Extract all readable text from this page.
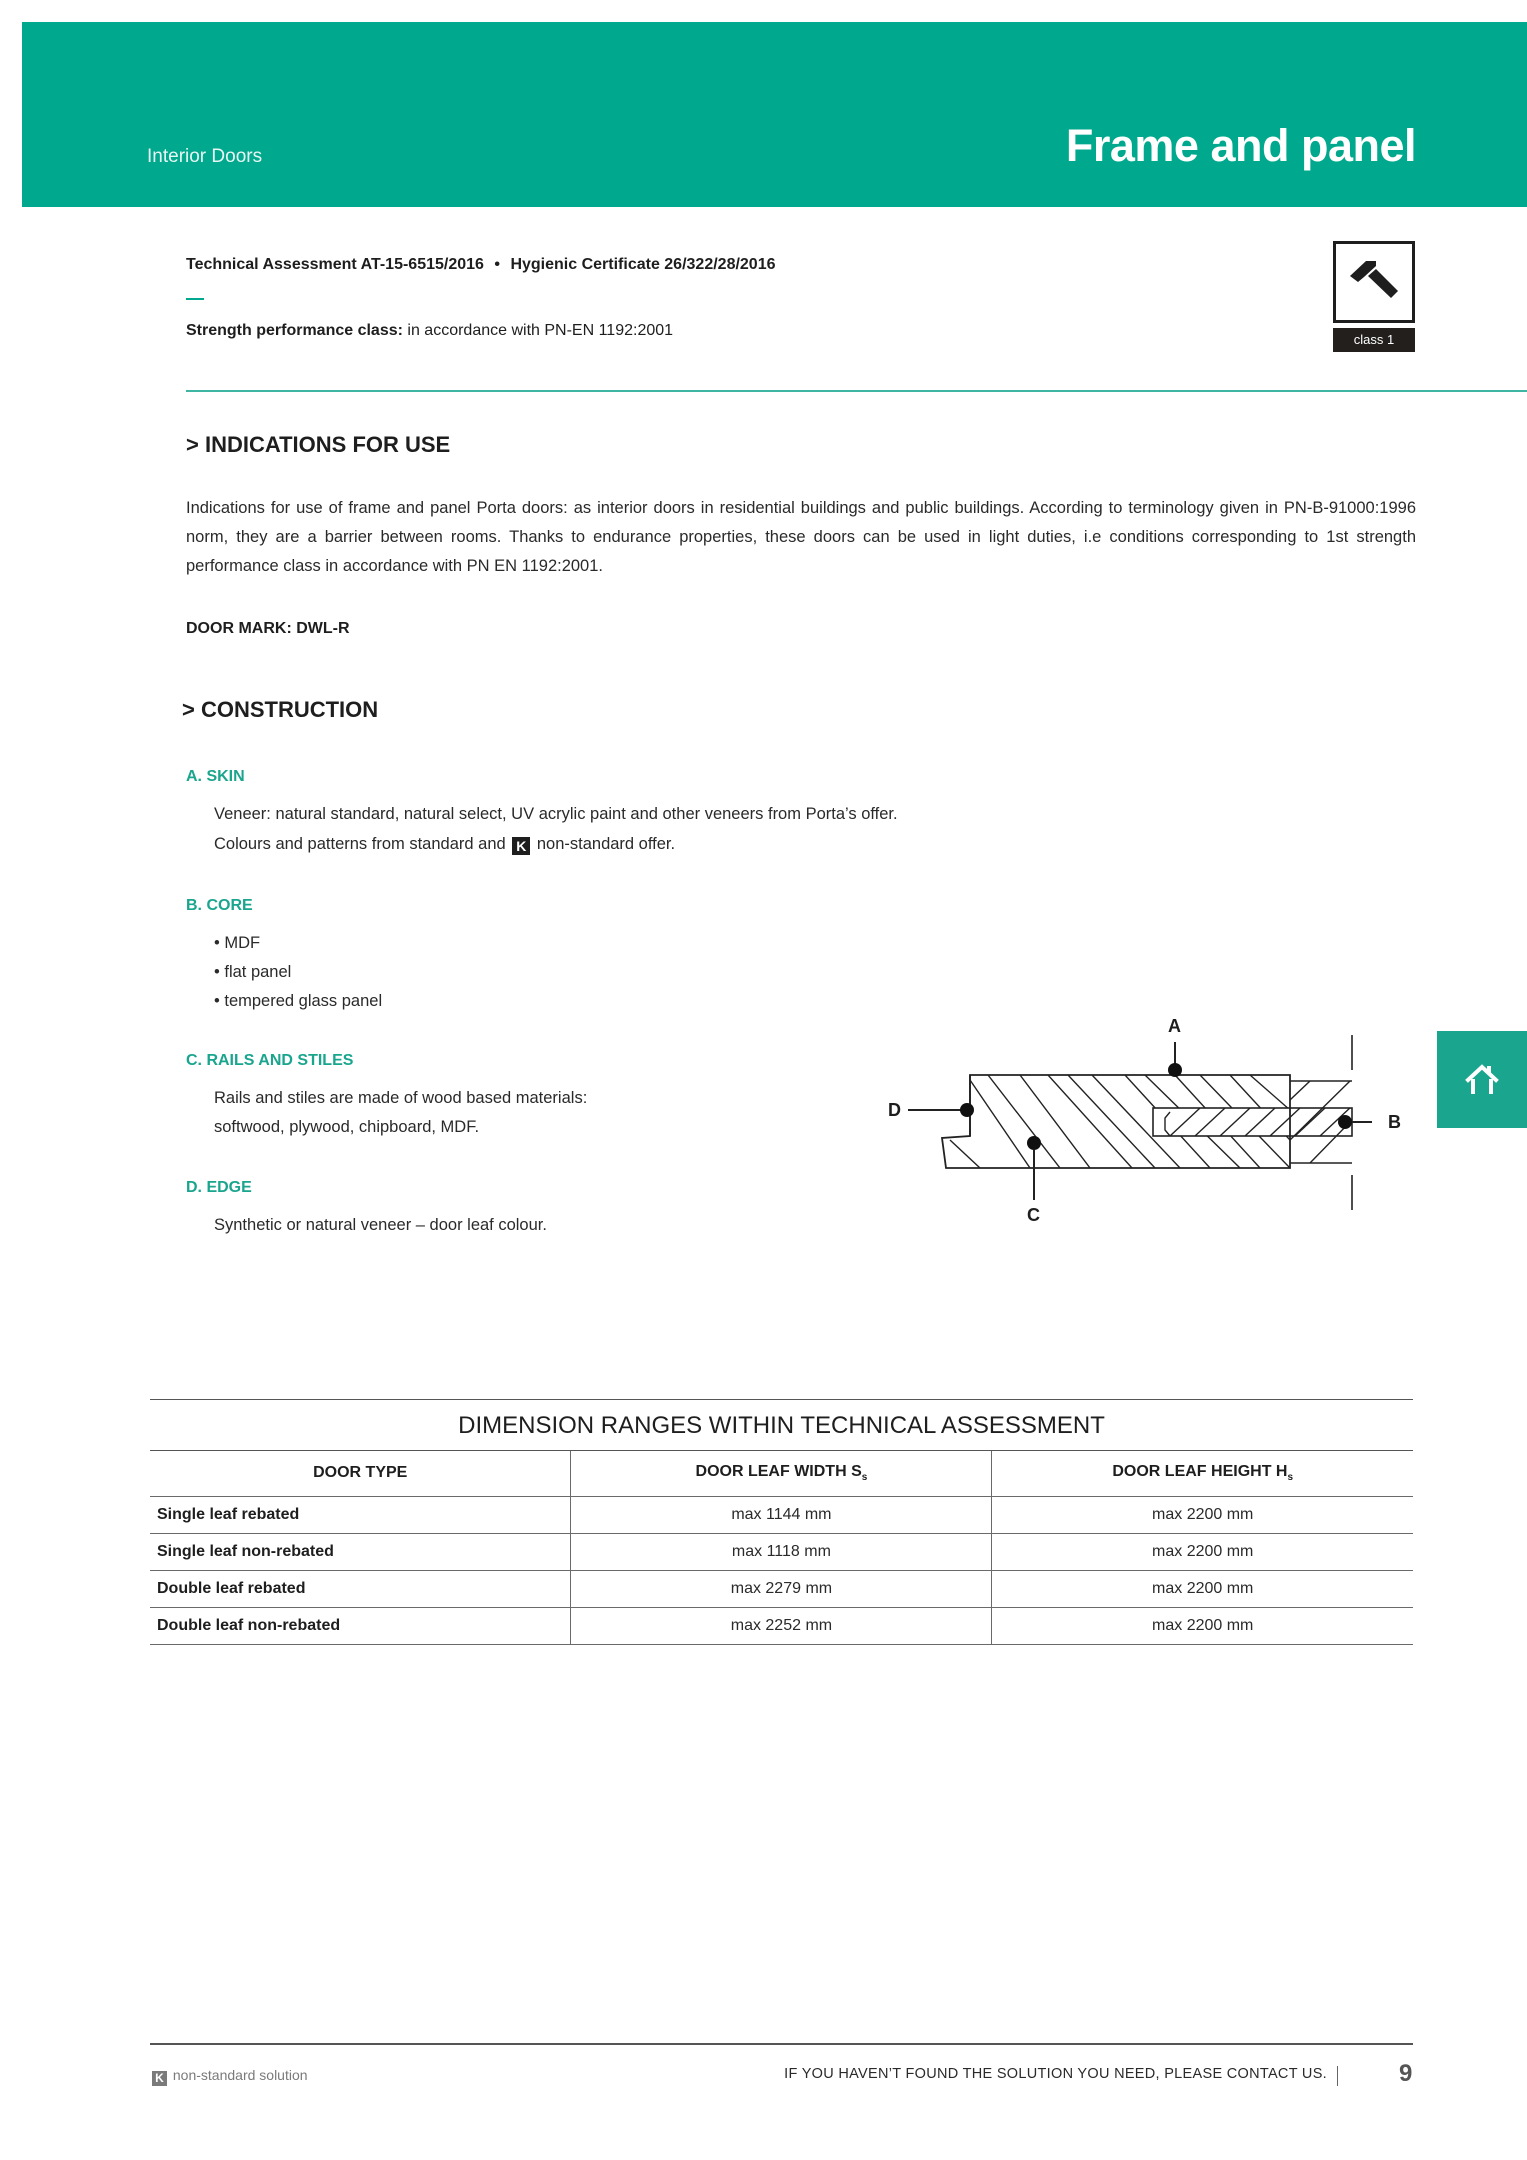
Interior Doors	Frame and panel
Technical Assessment AT-15-6515/2016 • Hygienic Certificate 26/322/28/2016
Strength performance class: in accordance with PN-EN 1192:2001
class 1
> INDICATIONS FOR USE
Indications for use of frame and panel Porta doors: as interior doors in residential buildings and public buildings. According to terminology given in PN-B-91000:1996 norm, they are a barrier between rooms. Thanks to endurance properties, these doors can be used in light duties, i.e conditions corresponding to 1st strength performance class in accordance with PN EN 1192:2001.
DOOR MARK: DWL-R
> CONSTRUCTION
A. SKIN
Veneer: natural standard, natural select, UV acrylic paint and other veneers from Porta’s offer.
Colours and patterns from standard and K non-standard offer.
B. CORE
• MDF
• flat panel
• tempered glass panel
C. RAILS AND STILES
Rails and stiles are made of wood based materials:
softwood, plywood, chipboard, MDF.
D. EDGE
Synthetic or natural veneer – door leaf colour.
A
D
C
B
DIMENSION RANGES WITHIN TECHNICAL ASSESSMENT
DOOR TYPE	DOOR LEAF WIDTH $S_s$	DOOR LEAF HEIGHT $H_s$
Single leaf rebated	max 1144 mm	max 2200 mm
Single leaf non-rebated	max 1118 mm	max 2200 mm
Double leaf rebated	max 2279 mm	max 2200 mm
Double leaf non-rebated	max 2252 mm	max 2200 mm
K non-standard solution	IF YOU HAVEN’T FOUND THE SOLUTION YOU NEED, PLEASE CONTACT US.	9
